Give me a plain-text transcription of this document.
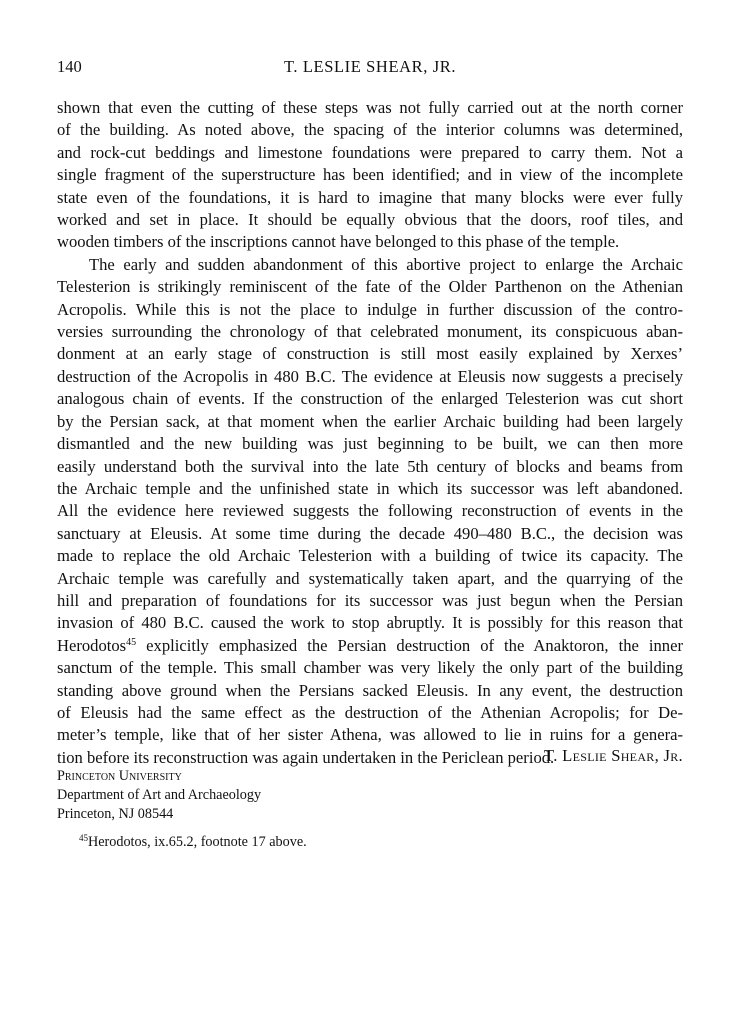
140	T. LESLIE SHEAR, JR.
shown that even the cutting of these steps was not fully carried out at the north corner
of the building. As noted above, the spacing of the interior columns was determined,
and rock-cut beddings and limestone foundations were prepared to carry them. Not a
single fragment of the superstructure has been identified; and in view of the incomplete
state even of the foundations, it is hard to imagine that many blocks were ever fully
worked and set in place. It should be equally obvious that the doors, roof tiles, and
wooden timbers of the inscriptions cannot have belonged to this phase of the temple.
The early and sudden abandonment of this abortive project to enlarge the Archaic
Telesterion is strikingly reminiscent of the fate of the Older Parthenon on the Athenian
Acropolis. While this is not the place to indulge in further discussion of the contro-
versies surrounding the chronology of that celebrated monument, its conspicuous aban-
donment at an early stage of construction is still most easily explained by Xerxes’
destruction of the Acropolis in 480 B.C. The evidence at Eleusis now suggests a precisely
analogous chain of events. If the construction of the enlarged Telesterion was cut short
by the Persian sack, at that moment when the earlier Archaic building had been largely
dismantled and the new building was just beginning to be built, we can then more
easily understand both the survival into the late 5th century of blocks and beams from
the Archaic temple and the unfinished state in which its successor was left abandoned.
All the evidence here reviewed suggests the following reconstruction of events in the
sanctuary at Eleusis. At some time during the decade 490–480 B.C., the decision was
made to replace the old Archaic Telesterion with a building of twice its capacity. The
Archaic temple was carefully and systematically taken apart, and the quarrying of the
hill and preparation of foundations for its successor was just begun when the Persian
invasion of 480 B.C. caused the work to stop abruptly. It is possibly for this reason that
Herodotos$^{45}$ explicitly emphasized the Persian destruction of the Anaktoron, the inner
sanctum of the temple. This small chamber was very likely the only part of the building
standing above ground when the Persians sacked Eleusis. In any event, the destruction
of Eleusis had the same effect as the destruction of the Athenian Acropolis; for De-
meter’s temple, like that of her sister Athena, was allowed to lie in ruins for a genera-
tion before its reconstruction was again undertaken in the Periclean period.
T. Leslie Shear, Jr.
Princeton University
Department of Art and Archaeology
Princeton, NJ 08544
$^{45}$Herodotos, ix.65.2, footnote 17 above.
